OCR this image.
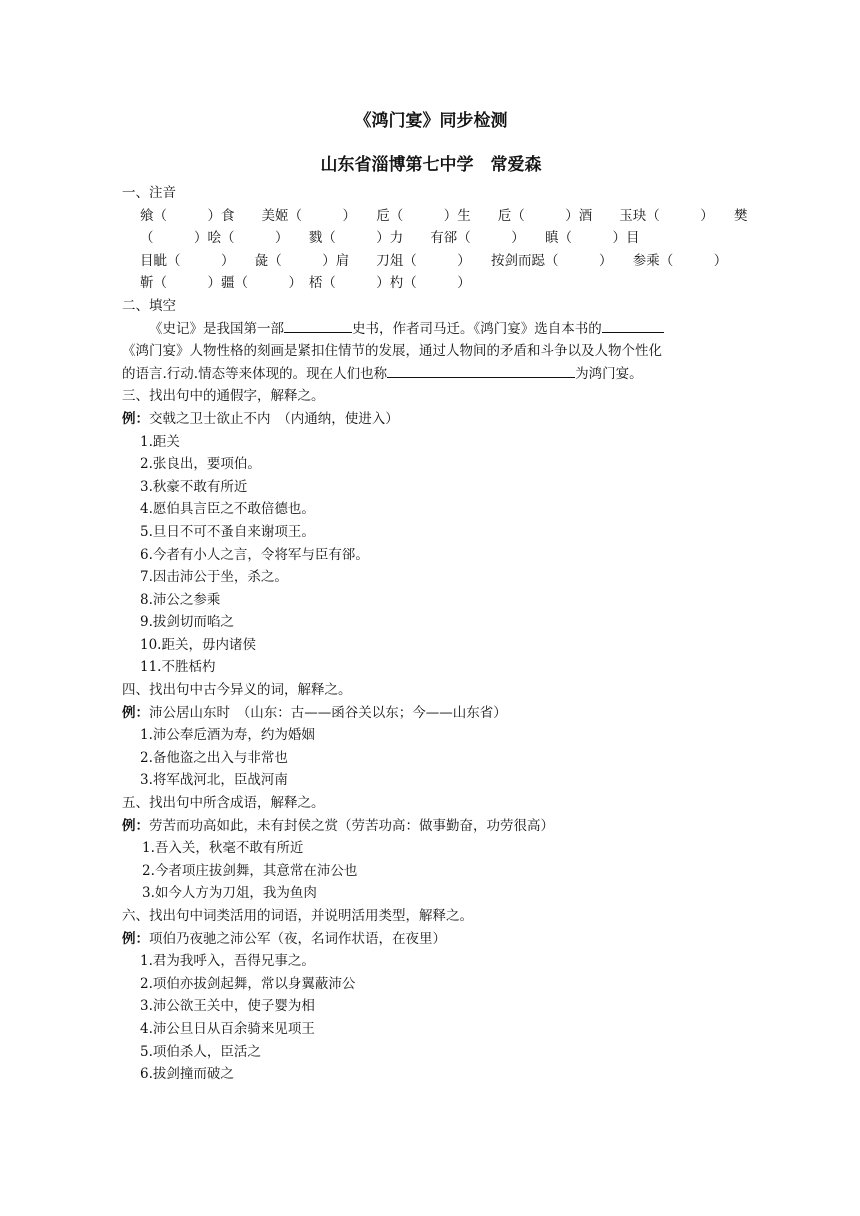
《鸿门宴》同步检测
山东省淄博第七中学　常爱森
一、注音
飨（　　　）食　　美姬（　　　）　　卮（　　　）生　　卮（　　　）酒　　玉玦（　　　）　　樊
（　　　）哙（　　　）　　戮（　　　）力　　有郤（　　　）　　瞋（　　　）目
目眦（　　　）　　彘（　　　）肩　　刀俎（　　　）　　按剑而跽（　　　）　　参乘（　　　）
靳（　　　）疆（　　　）　桮（　　　）杓（　　　）
二、填空
《史记》是我国第一部	史书，作者司马迁。《鸿门宴》选自本书的
《鸿门宴》人物性格的刻画是紧扣住情节的发展，通过人物间的矛盾和斗争以及人物个性化
的语言.行动.情态等来体现的。现在人们也称	为鸿门宴。
三、找出句中的通假字，解释之。
例：交戟之卫士欲止不内　（内通纳，使进入）
1.距关
2.张良出，要项伯。
3.秋豪不敢有所近
4.愿伯具言臣之不敢倍德也。
5.旦日不可不蚤自来谢项王。
6.今者有小人之言，令将军与臣有郤。
7.因击沛公于坐，杀之。
8.沛公之参乘
9.拔剑切而啗之
10.距关，毋内诸侯
11.不胜栝杓
四、找出句中古今异义的词，解释之。
例：沛公居山东时　（山东：古——函谷关以东；今——山东省）
1.沛公奉卮酒为寿，约为婚姻
2.备他盗之出入与非常也
3.将军战河北，臣战河南
五、找出句中所含成语，解释之。
例：劳苦而功高如此，未有封侯之赏（劳苦功高：做事勤奋，功劳很高）
1.吾入关，秋毫不敢有所近
2.今者项庄拔剑舞，其意常在沛公也
3.如今人方为刀俎，我为鱼肉
六、找出句中词类活用的词语，并说明活用类型，解释之。
例：项伯乃夜驰之沛公军（夜，名词作状语，在夜里）
1.君为我呼入，吾得兄事之。
2.项伯亦拔剑起舞，常以身翼蔽沛公
3.沛公欲王关中，使子婴为相
4.沛公旦日从百余骑来见项王
5.项伯杀人，臣活之
6.拔剑撞而破之
